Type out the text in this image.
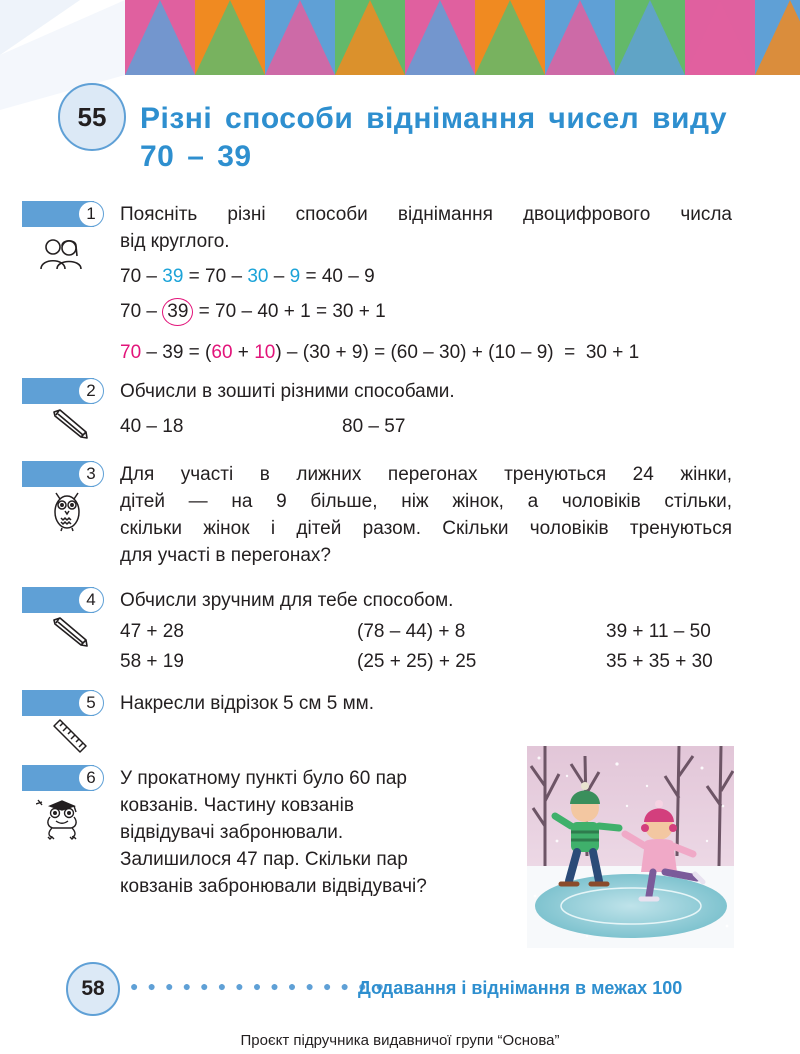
55	Різні способи віднімання чисел виду
70 – 39
1	Поясніть різні способи віднімання двоцифрового числа
від круглого.
70 – 39 = 70 – 30 – 9 = 40 – 9
70 – 39 = 70 – 40 + 1 = 30 + 1
70 – 39 = (60 + 10) – (30 + 9) = (60 – 30) + (10 – 9)  =  30 + 1
2	Обчисли в зошиті різними способами.
40 – 18	80 – 57
3	Для участі в лижних перегонах тренуються 24 жінки,
дітей — на 9 більше, ніж жінок, а чоловіків стільки,
скільки жінок і дітей разом. Скільки чоловіків тренуються
для участі в перегонах?
4	Обчисли зручним для тебе способом.
47 + 28	(78 – 44) + 8	39 + 11 – 50
58 + 19	(25 + 25) + 25	35 + 35 + 30
5	Накресли відрізок 5 см 5 мм.
6	У прокатному пункті було 60 пар
ковзанів. Частину ковзанів
відвідувачі забронювали.
Залишилося 47 пар. Скільки пар
ковзанів забронювали відвідувачі?
58	● ● ● ● ● ● ● ● ● ● ● ● ● ● ●
Додавання і віднімання в межах 100
Проєкт підручника видавничої групи “Основа”
